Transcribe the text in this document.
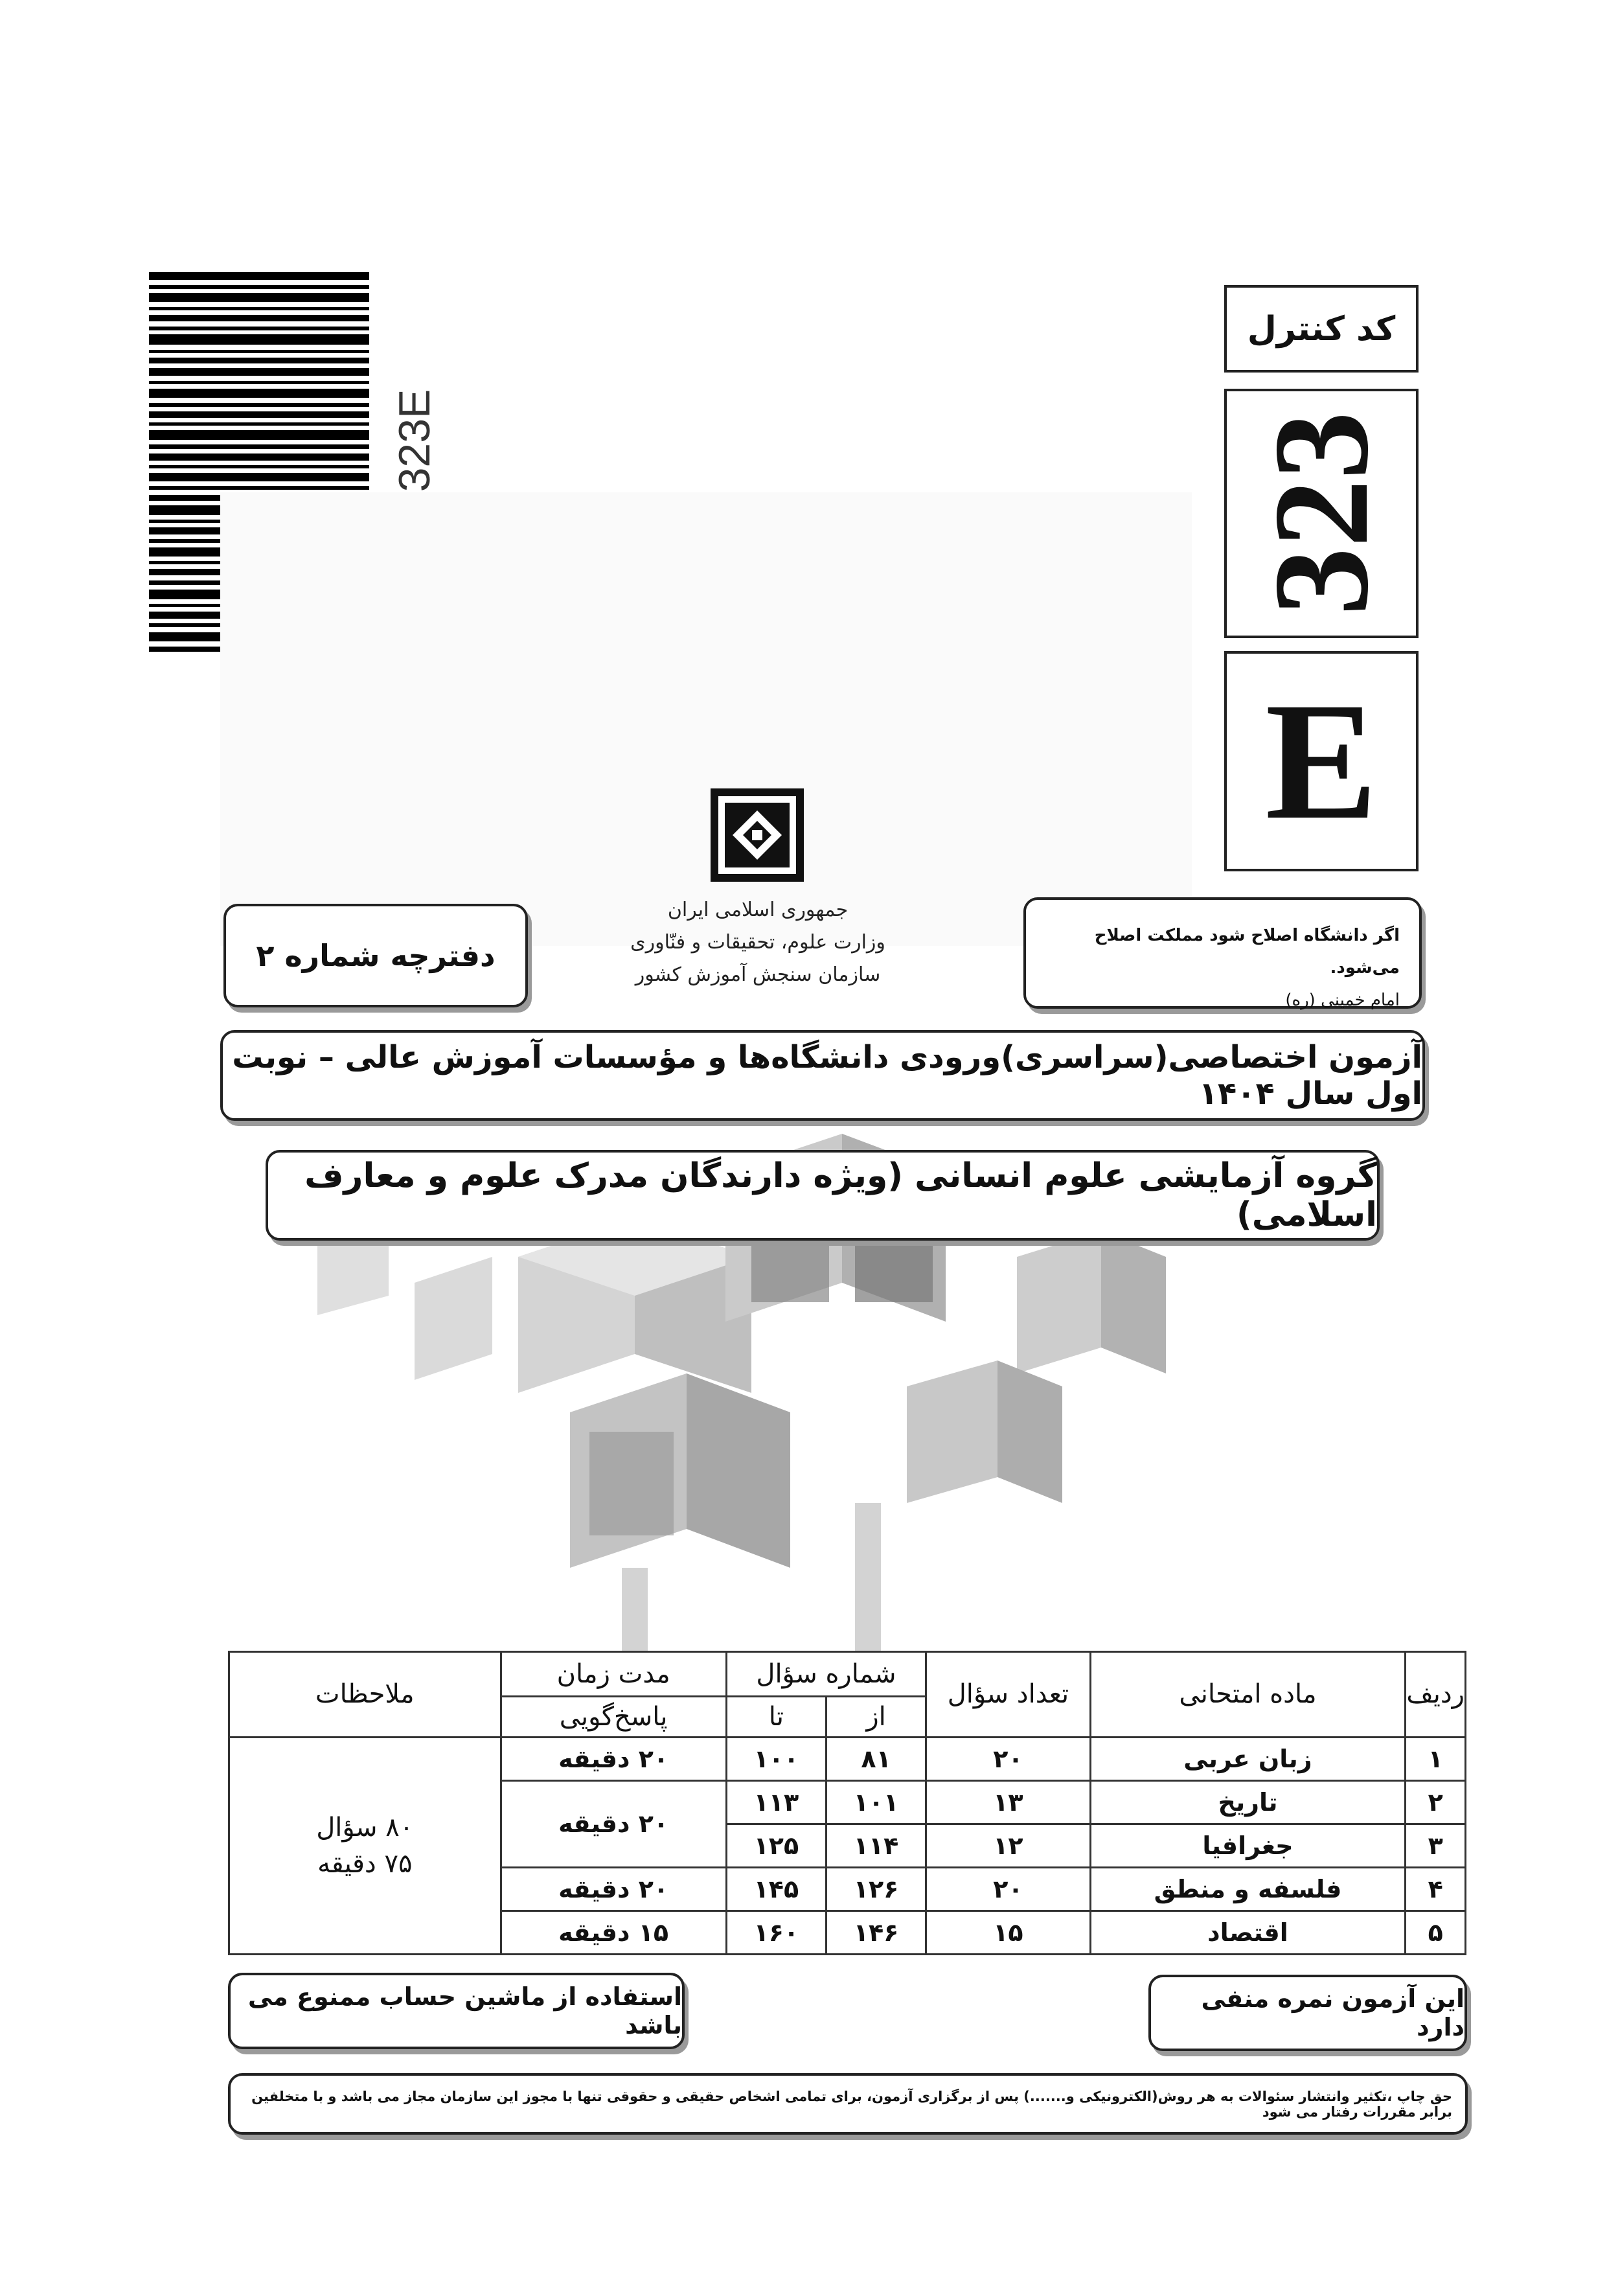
323E
کد کنترل
323
E
جمهوری اسلامی ایران
وزارت علوم، تحقیقات و فنّاوری
سازمان سنجش آموزش کشور
دفترچه شماره ۲
اگر دانشگاه اصلاح شود مملکت اصلاح می‌شود.
امام خمینی (ره)
آزمون اختصاصی(سراسری)ورودی دانشگاه‌ها و مؤسسات آموزش عالی – نوبت اول سال ۱۴۰۴
گروه آزمایشی علوم انسانی (ویژه دارندگان مدرک علوم و معارف اسلامی)
ردیف	ماده امتحانی	تعداد سؤال	شماره سؤال		مدت زمان	ملاحظات
			از	تا	پاسخ‌گویی	
۱	زبان عربی	۲۰	۸۱	۱۰۰	۲۰ دقیقه	۸۰ سؤال
۷۵ دقیقه

۲	تاریخ	۱۳	۱۰۱	۱۱۳	۲۰ دقیقه	
۳	جغرافیا	۱۲	۱۱۴	۱۲۵		
۴	فلسفه و منطق	۲۰	۱۲۶	۱۴۵	۲۰ دقیقه	
۵	اقتصاد	۱۵	۱۴۶	۱۶۰	۱۵ دقیقه	
استفاده از ماشین حساب ممنوع می باشد
این آزمون نمره منفی دارد
حق چاپ ،تکثیر وانتشار سئوالات به هر روش(الکترونیکی و.......) پس از برگزاری آزمون، برای تمامی اشخاص حقیقی و حقوقی تنها با مجوز این سازمان مجاز می باشد و با متخلفین برابر مقررات رفتار می شود
